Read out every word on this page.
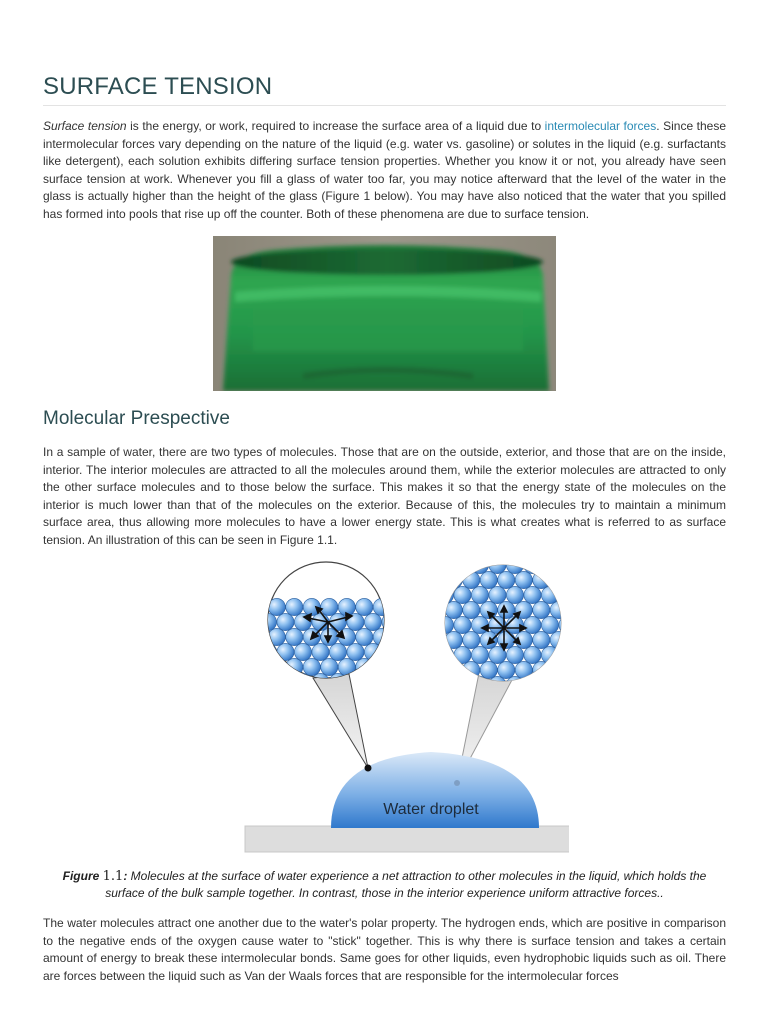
SURFACE TENSION

Surface tension is the energy, or work, required to increase the surface area of a liquid due to intermolecular forces. Since these intermolecular forces vary depending on the nature of the liquid (e.g. water vs. gasoline) or solutes in the liquid (e.g. surfactants like detergent), each solution exhibits differing surface tension properties. Whether you know it or not, you already have seen surface tension at work. Whenever you fill a glass of water too far, you may notice afterward that the level of the water in the glass is actually higher than the height of the glass (Figure 1 below). You may have also noticed that the water that you spilled has formed into pools that rise up off the counter. Both of these phenomena are due to surface tension.

Molecular Prespective

In a sample of water, there are two types of molecules. Those that are on the outside, exterior, and those that are on the inside, interior. The interior molecules are attracted to all the molecules around them, while the exterior molecules are attracted to only the other surface molecules and to those below the surface. This makes it so that the energy state of the molecules on the interior is much lower than that of the molecules on the exterior. Because of this, the molecules try to maintain a minimum surface area, thus allowing more molecules to have a lower energy state. This is what creates what is referred to as surface tension. An illustration of this can be seen in Figure 1.1.

Water droplet
Figure 1.1: Molecules at the surface of water experience a net attraction to other molecules in the liquid, which holds the surface of the bulk sample together. In contrast, those in the interior experience uniform attractive forces..

The water molecules attract one another due to the water's polar property. The hydrogen ends, which are positive in comparison to the negative ends of the oxygen cause water to "stick" together. This is why there is surface tension and takes a certain amount of energy to break these intermolecular bonds. Same goes for other liquids, even hydrophobic liquids such as oil. There are forces between the liquid such as Van der Waals forces that are responsible for the intermolecular forces
